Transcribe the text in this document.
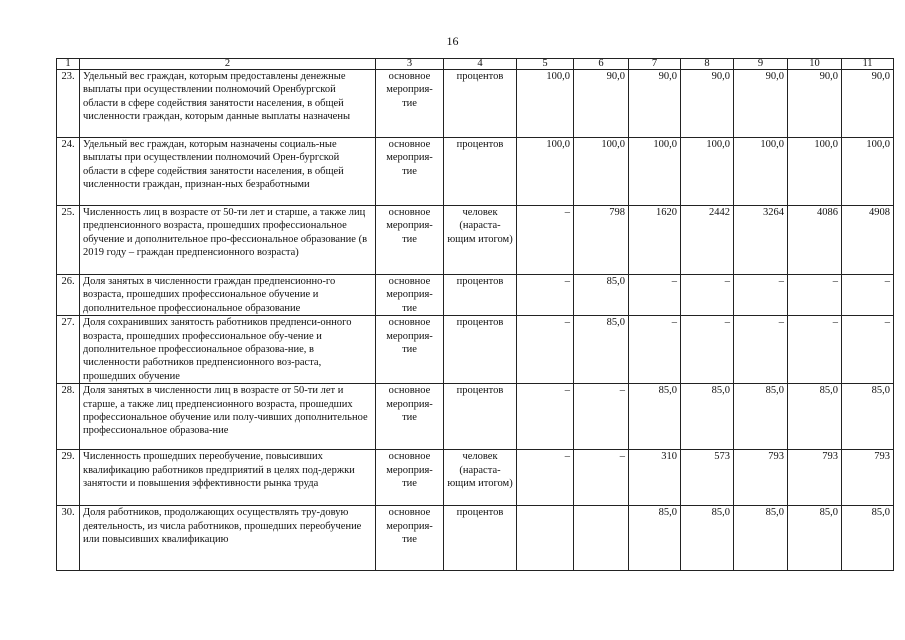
16
1	2	3	4	5	6	7	8	9	10	11
23.	Удельный вес граждан, которым предоставлены денежные выплаты при осуществлении полномочий Оренбургской области в сфере содействия занятости населения, в общей численности граждан, которым данные выплаты назначены	основное мероприя-тие	процентов	100,0	90,0	90,0	90,0	90,0	90,0	90,0
24.	Удельный вес граждан, которым назначены социаль-ные выплаты при осуществлении полномочий Орен-бургской области в сфере содействия занятости населения, в общей численности граждан, признан-ных безработными	основное мероприя-тие	процентов	100,0	100,0	100,0	100,0	100,0	100,0	100,0
25.	Численность лиц в возрасте от 50-ти лет и старше, а также лиц предпенсионного возраста, прошедших профессиональное обучение и дополнительное про-фессиональное образование (в 2019 году – граждан предпенсионного возраста)	основное мероприя-тие	человек (нараста-ющим итогом)	–	798	1620	2442	3264	4086	4908
26.	Доля занятых в численности граждан предпенсионно-го возраста, прошедших профессиональное обучение и дополнительное профессиональное образование	основное мероприя-тие	процентов	–	85,0	–	–	–	–	–
27.	Доля сохранивших занятость работников предпенси-онного возраста, прошедших профессиональное обу-чение и дополнительное профессиональное образова-ние, в численности работников предпенсионного воз-раста, прошедших обучение	основное мероприя-тие	процентов	–	85,0	–	–	–	–	–
28.	Доля занятых в численности лиц в возрасте от 50-ти лет и старше, а также лиц предпенсионного возраста, прошедших профессиональное обучение или полу-чивших дополнительное профессиональное образова-ние	основное мероприя-тие	процентов	–	–	85,0	85,0	85,0	85,0	85,0
29.	Численность прошедших переобучение, повысивших квалификацию работников предприятий в целях под-держки занятости и повышения эффективности рынка труда	основное мероприя-тие	человек (нараста-ющим итогом)	–	–	310	573	793	793	793
30.	Доля работников, продолжающих осуществлять тру-довую деятельность, из числа работников, прошедших переобучение или повысивших квалификацию	основное мероприя-тие	процентов			85,0	85,0	85,0	85,0	85,0
